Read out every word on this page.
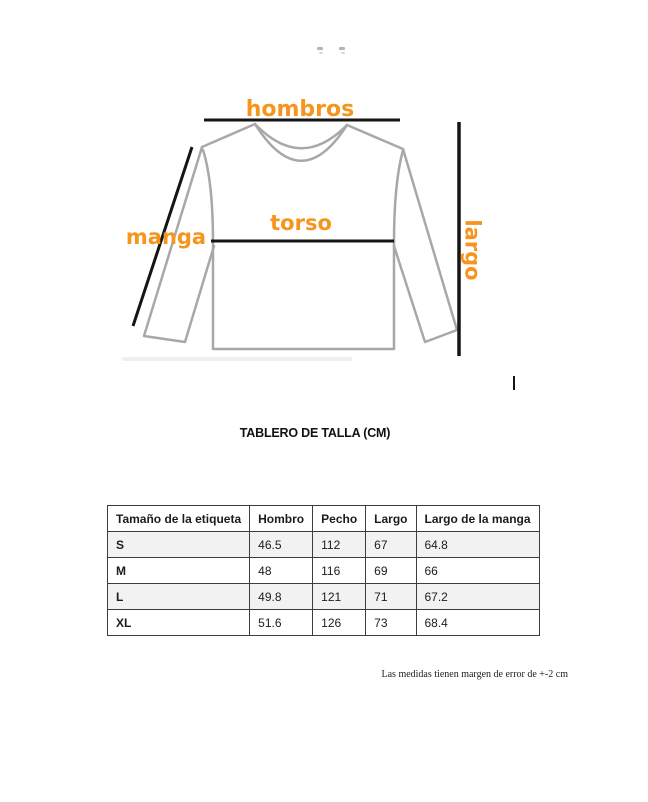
hombros
torso
manga	largo
TABLERO DE TALLA (CM)
Tamaño de la etiqueta	Hombro	Pecho	Largo	Largo de la manga
S	46.5	112	67	64.8
M	48	116	69	66
L	49.8	121	71	67.2
XL	51.6	126	73	68.4
Las medidas tienen margen de error de +-2 cm
